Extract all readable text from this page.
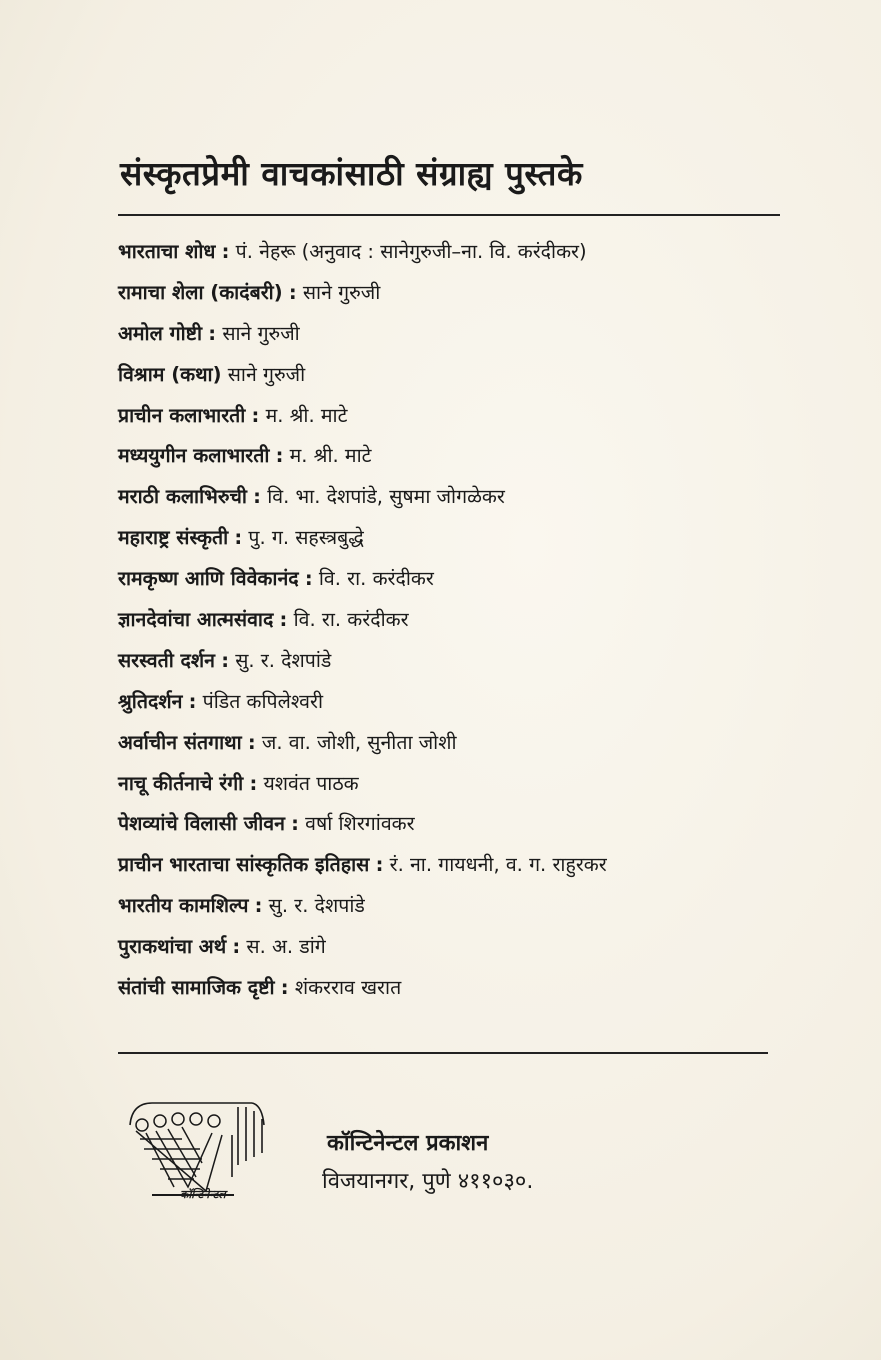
संस्कृतप्रेमी वाचकांसाठी संग्राह्य पुस्तके
भारताचा शोध : पं. नेहरू (अनुवाद : सानेगुरुजी–ना. वि. करंदीकर)
रामाचा शेला (कादंबरी) : साने गुरुजी
अमोल गोष्टी : साने गुरुजी
विश्राम (कथा) साने गुरुजी
प्राचीन कलाभारती : म. श्री. माटे
मध्ययुगीन कलाभारती : म. श्री. माटे
मराठी कलाभिरुची : वि. भा. देशपांडे, सुषमा जोगळेकर
महाराष्ट्र संस्कृती : पु. ग. सहस्त्रबुद्धे
रामकृष्ण आणि विवेकानंद : वि. रा. करंदीकर
ज्ञानदेवांचा आत्मसंवाद : वि. रा. करंदीकर
सरस्वती दर्शन : सु. र. देशपांडे
श्रुतिदर्शन : पंडित कपिलेश्वरी
अर्वाचीन संतगाथा : ज. वा. जोशी, सुनीता जोशी
नाचू कीर्तनाचे रंगी : यशवंत पाठक
पेशव्यांचे विलासी जीवन : वर्षा शिरगांवकर
प्राचीन भारताचा सांस्कृतिक इतिहास : रं. ना. गायधनी, व. ग. राहुरकर
भारतीय कामशिल्प : सु. र. देशपांडे
पुराकथांचा अर्थ : स. अ. डांगे
संतांची सामाजिक दृष्टी : शंकरराव खरात
कॉन्टिनेन्टल
कॉन्टिनेन्टल प्रकाशन
विजयानगर, पुणे ४११०३०.
